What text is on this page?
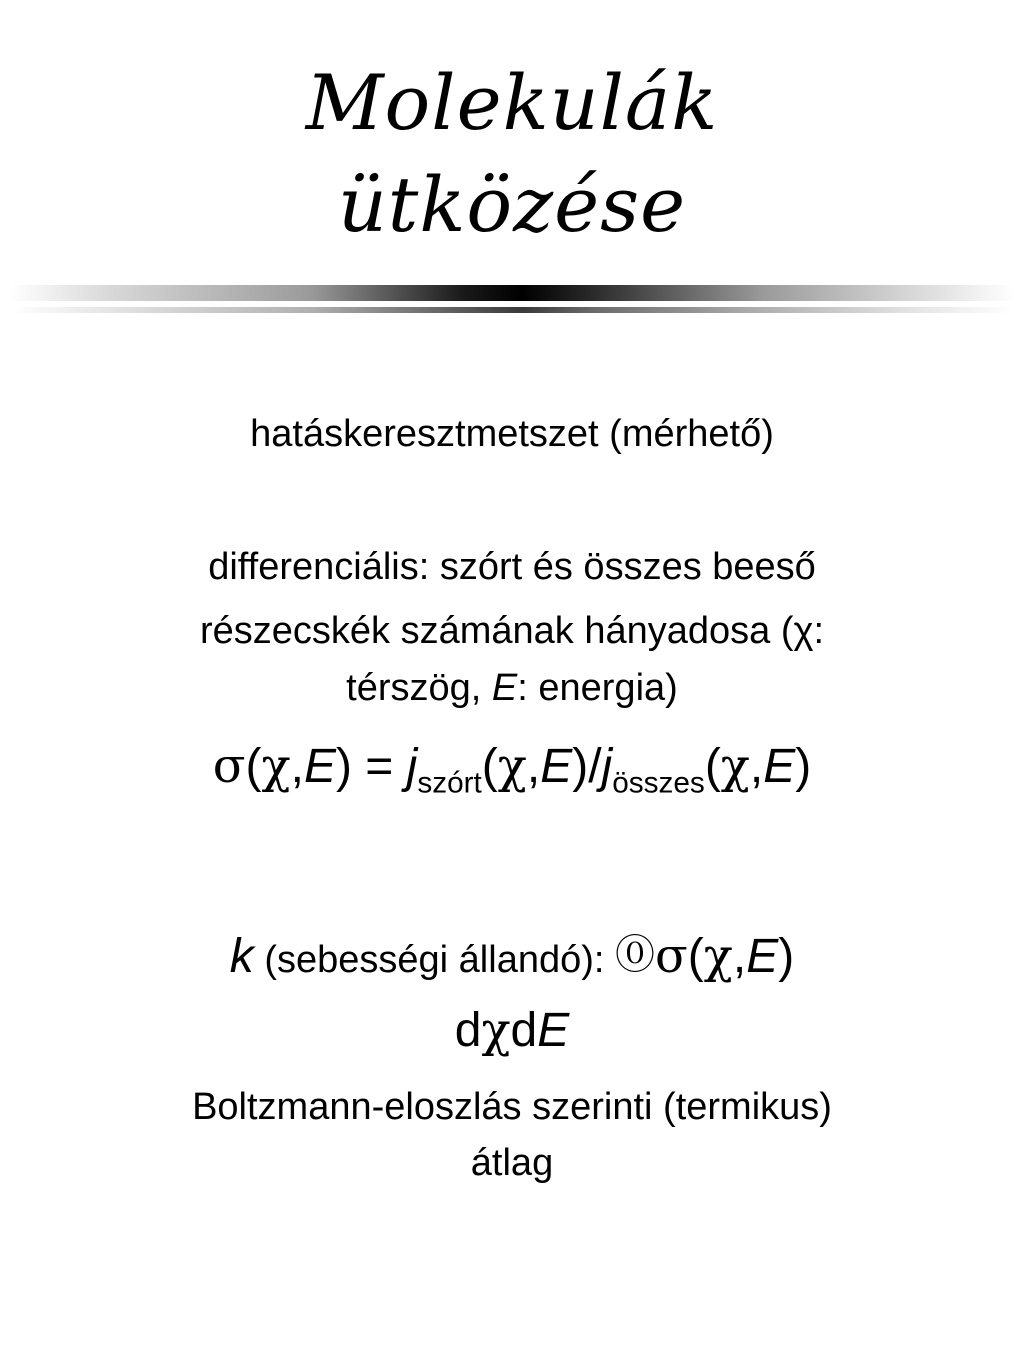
Molekulák
ütközése
hatáskeresztmetszet (mérhető)
differenciális: szórt és összes beeső
részecskék számának hányadosa (χ:
térszög, E: energia)
$\sigma(\chi,E) = j_{szórt}(\chi,E)/j_{összes}(\chi,E)$
k (sebességi állandó): ⓪σ(χ,E)
dχdE
Boltzmann-eloszlás szerinti (termikus)
átlag
